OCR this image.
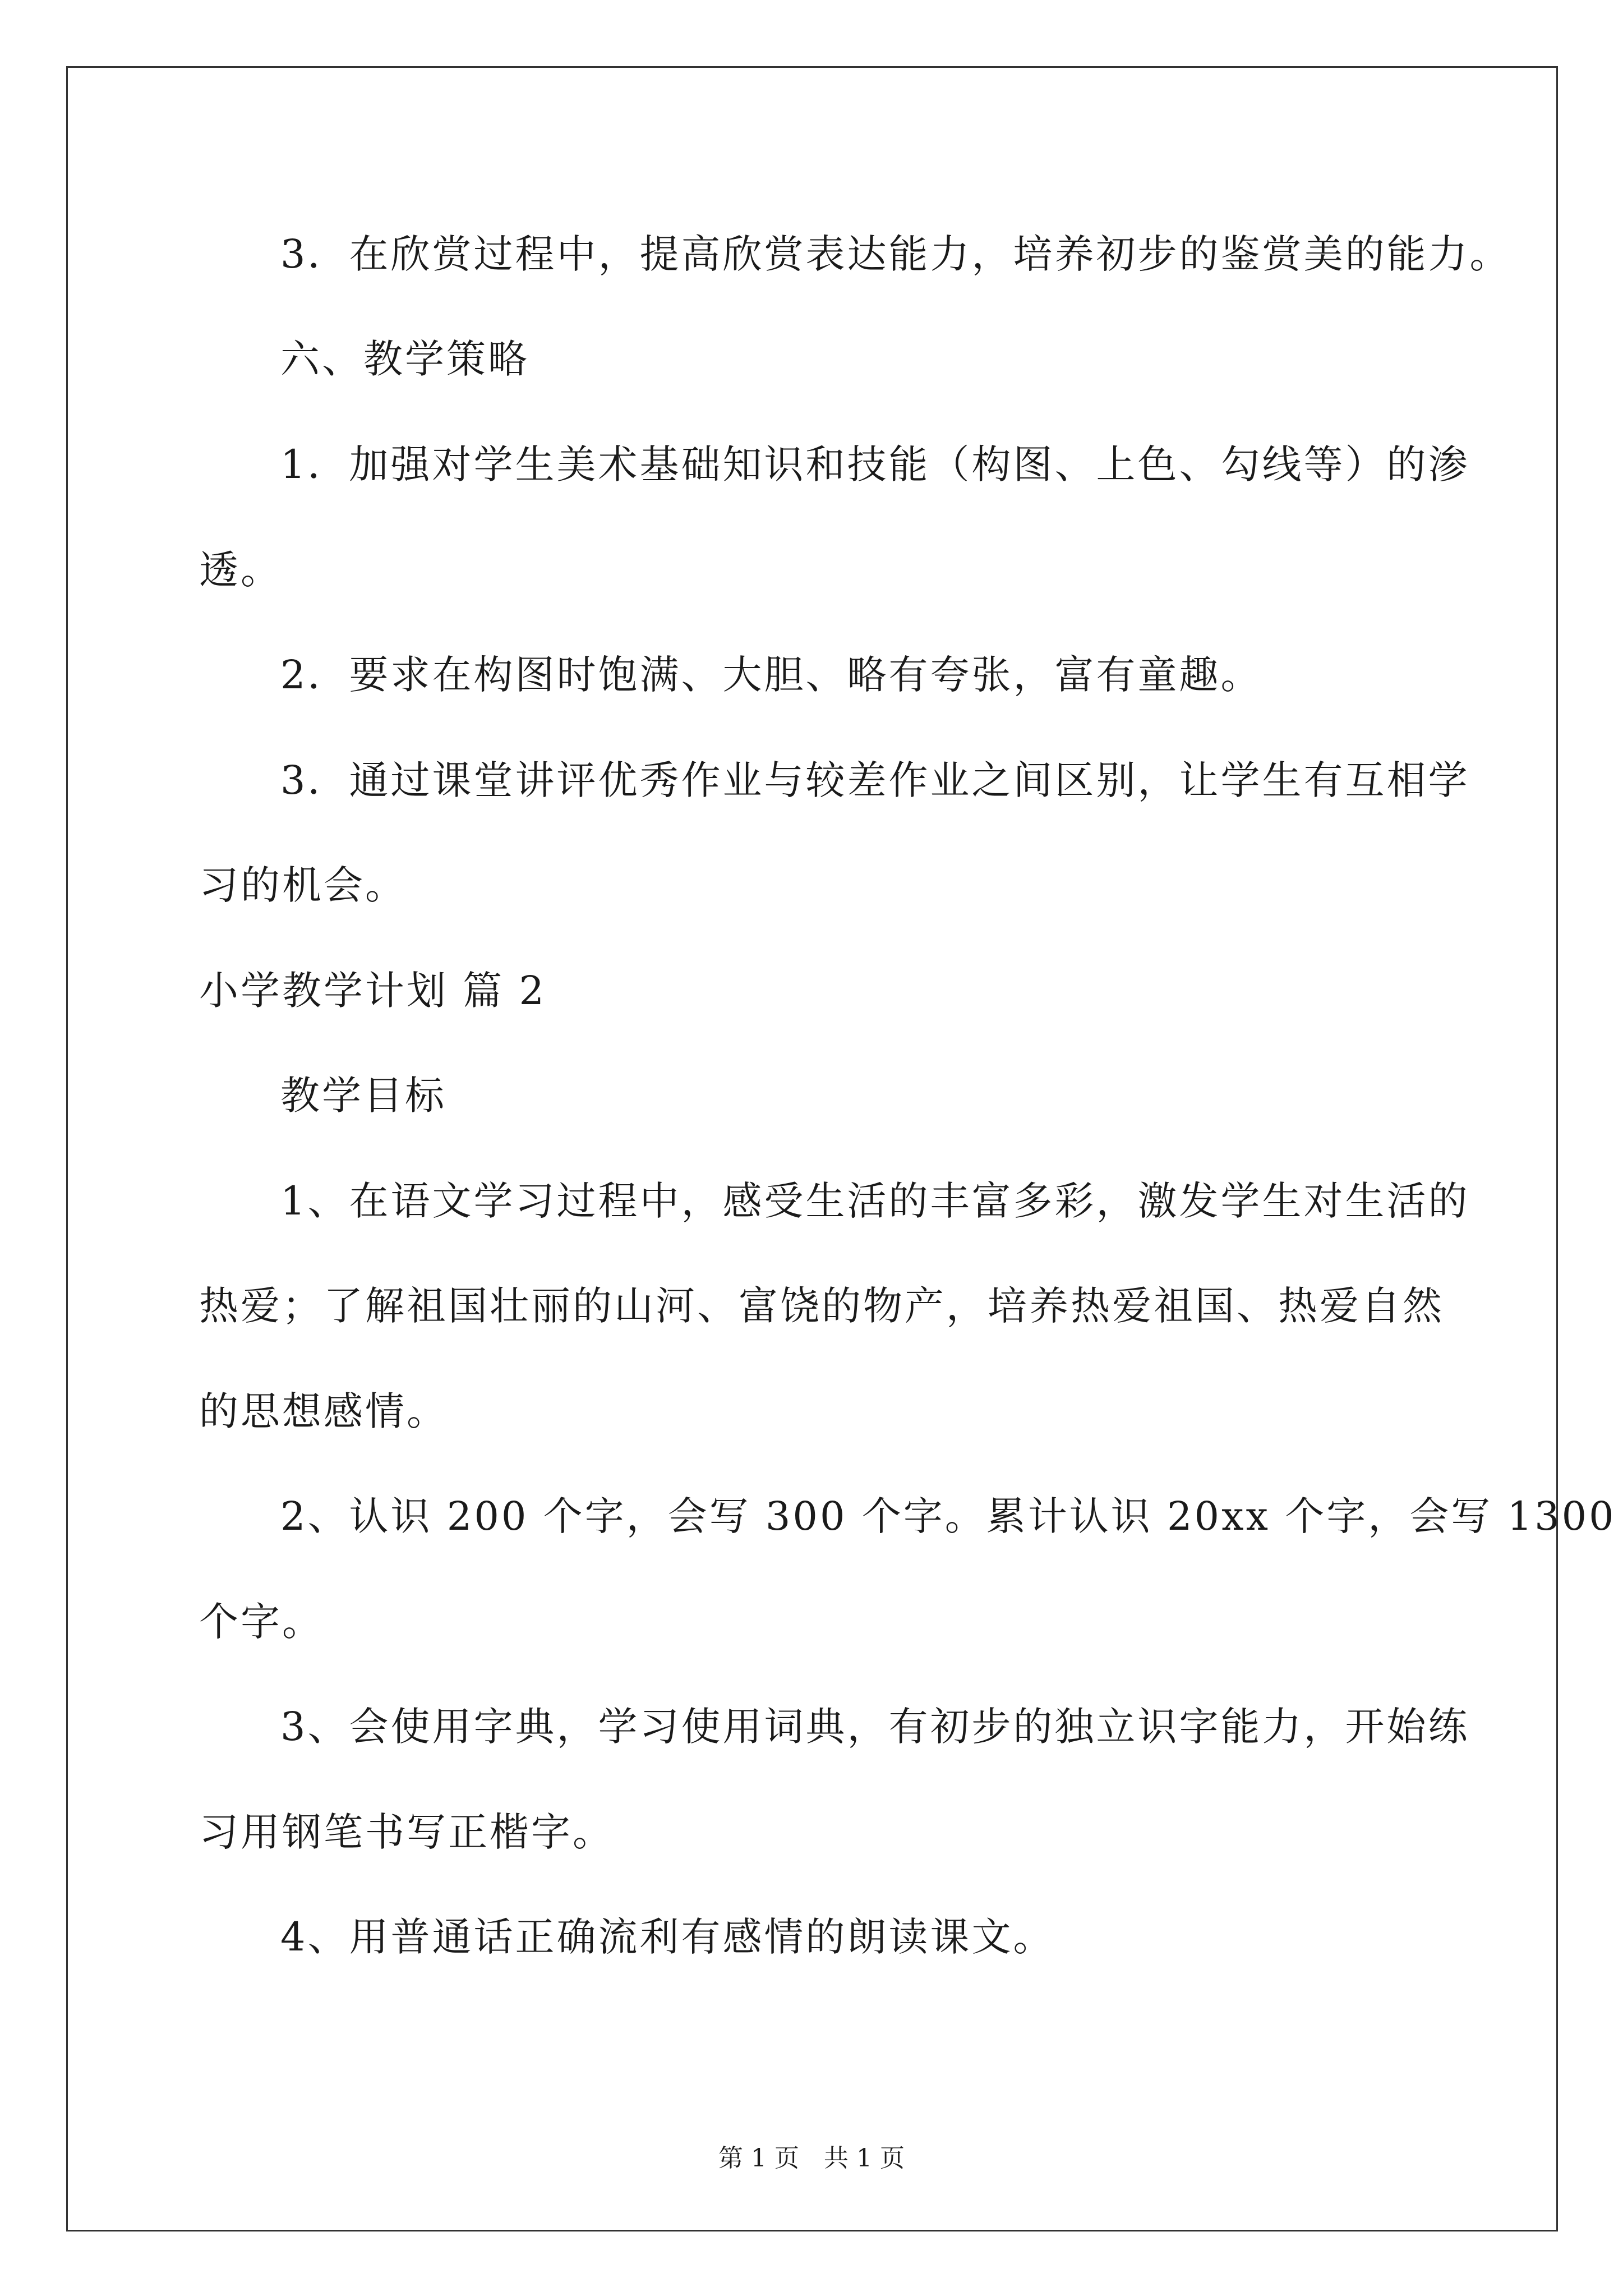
3．在欣赏过程中，提高欣赏表达能力，培养初步的鉴赏美的能力。
六、教学策略
1．加强对学生美术基础知识和技能（构图、上色、勾线等）的渗
透。
2．要求在构图时饱满、大胆、略有夸张，富有童趣。
3．通过课堂讲评优秀作业与较差作业之间区别，让学生有互相学
习的机会。
小学教学计划 篇 2
教学目标
1、在语文学习过程中，感受生活的丰富多彩，激发学生对生活的
热爱；了解祖国壮丽的山河、富饶的物产，培养热爱祖国、热爱自然
的思想感情。
2、认识 200 个字，会写 300 个字。累计认识 20xx 个字，会写 1300
个字。
3、会使用字典，学习使用词典，有初步的独立识字能力，开始练
习用钢笔书写正楷字。
4、用普通话正确流利有感情的朗读课文。
第 1 页 共 1 页
